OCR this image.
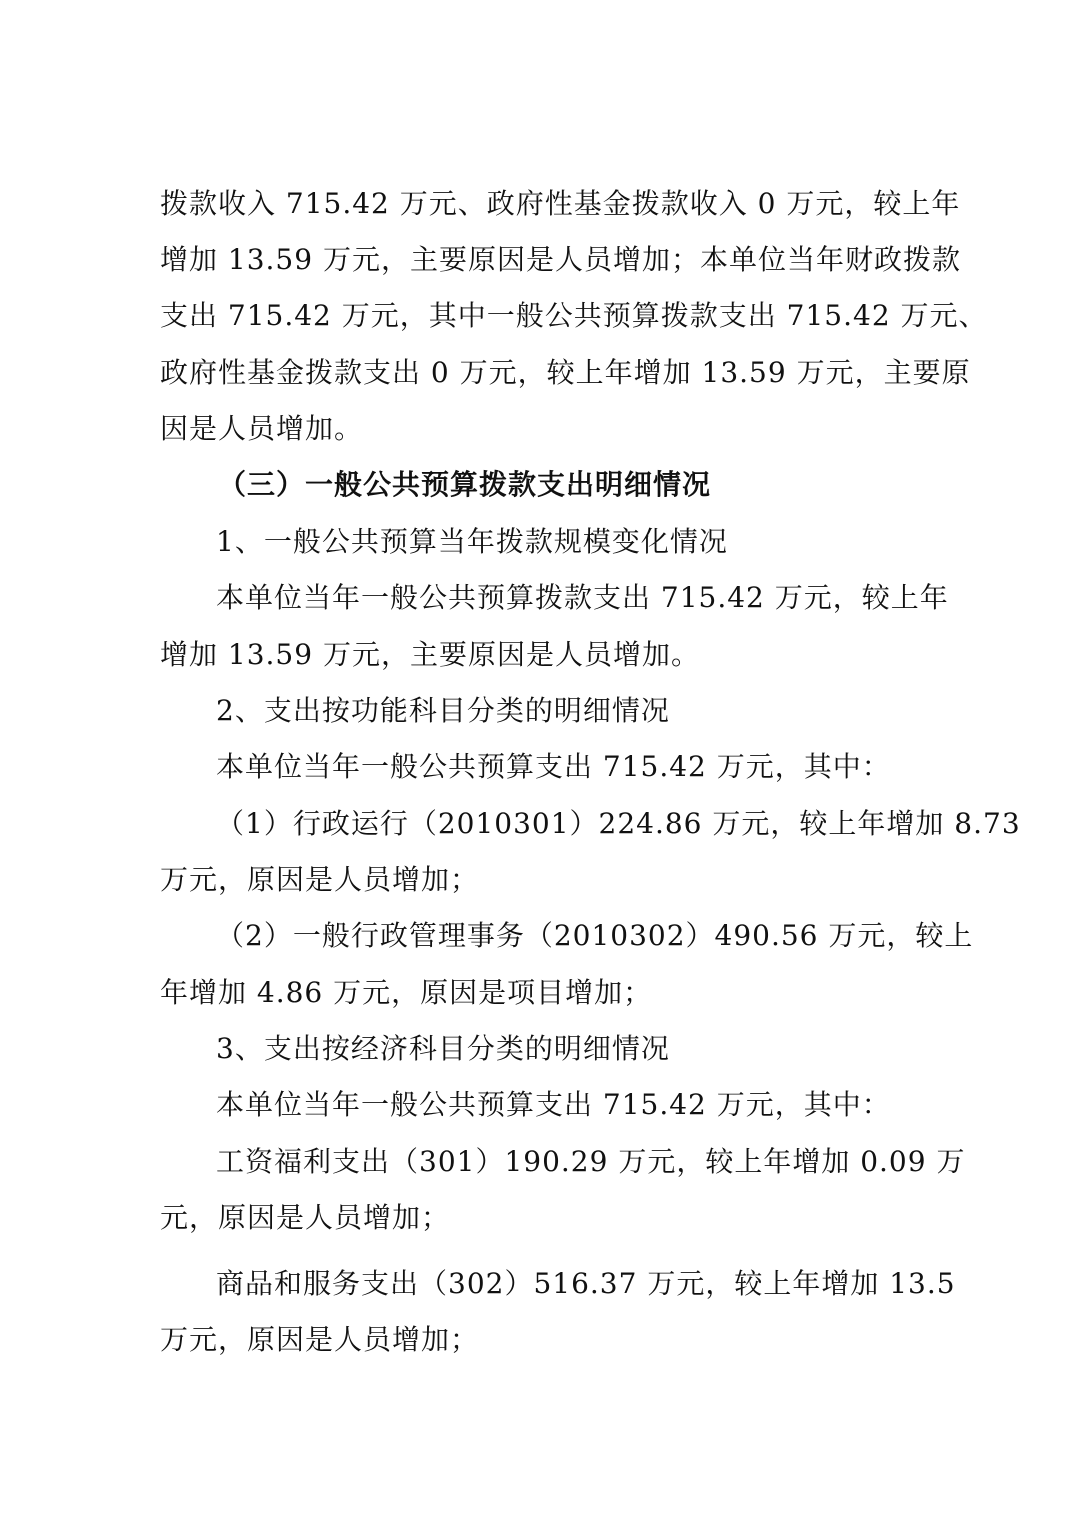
拨款收入 715.42 万元、政府性基金拨款收入 0 万元，较上年
增加 13.59 万元，主要原因是人员增加；本单位当年财政拨款
支出 715.42 万元，其中一般公共预算拨款支出 715.42 万元、
政府性基金拨款支出 0 万元，较上年增加 13.59 万元，主要原
因是人员增加。
（三）一般公共预算拨款支出明细情况
1、一般公共预算当年拨款规模变化情况
本单位当年一般公共预算拨款支出 715.42 万元，较上年
增加 13.59 万元，主要原因是人员增加。
2、支出按功能科目分类的明细情况
本单位当年一般公共预算支出 715.42 万元，其中：
（1）行政运行（2010301）224.86 万元，较上年增加 8.73
万元，原因是人员增加；
（2）一般行政管理事务（2010302）490.56 万元，较上
年增加 4.86 万元，原因是项目增加；
3、支出按经济科目分类的明细情况
本单位当年一般公共预算支出 715.42 万元，其中：
工资福利支出（301）190.29 万元，较上年增加 0.09 万
元，原因是人员增加；
商品和服务支出（302）516.37 万元，较上年增加 13.5
万元，原因是人员增加；
